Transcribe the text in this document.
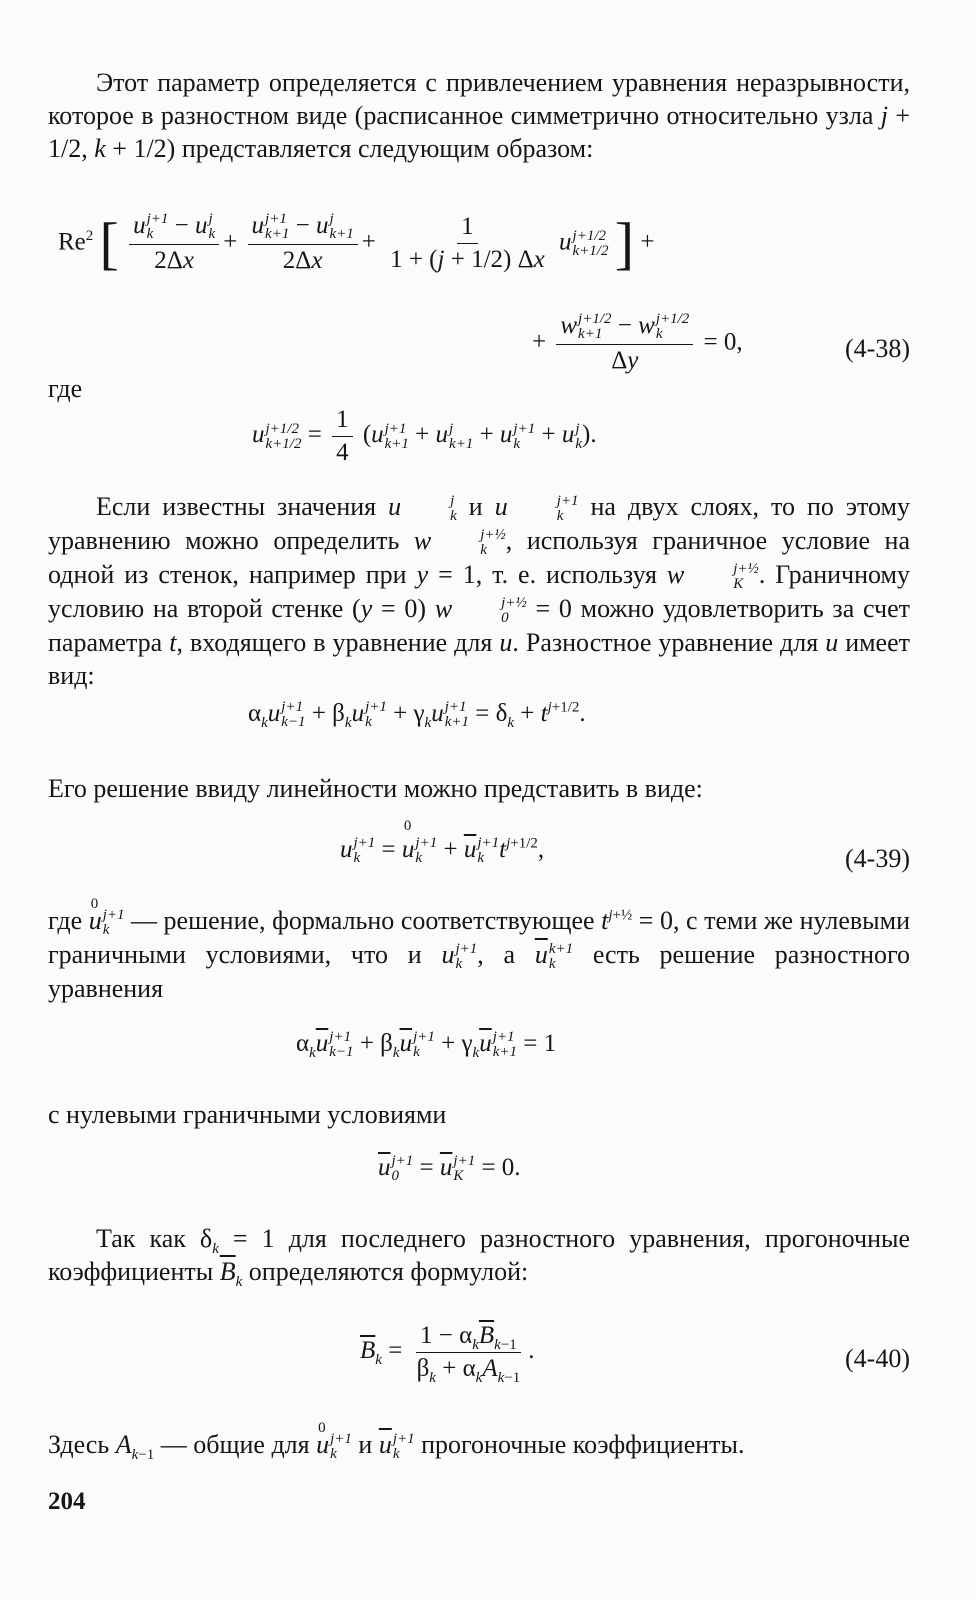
Этот параметр определяется с привлечением уравнения неразрывности, которое в разностном виде (расписанное симметрично относительно узла j + 1/2, k + 1/2) представляется следующим образом:
Re$^2$ [ u j+1
k − u j
k
2Δx + u j+1
k+1 − u j
k+1
$2\Delta x + \frac{1}{1 + (j + 1/2) \Delta x}$ u j+1/2
k+1/2 ] +
+ w j+1/2
k+1 − w j+1/2
k
Δy = 0,	(4-38)
где
u j+1/2
$k+1/2 = \frac{1}{4} (u$ j+1
k+1 + u j
k+1 + u j+1
k + u j
k ).
Если известны значения u	j
k и u	j+1
k на двух слоях, то по этому уравнению можно определить w	j+½
k , используя граничное условие на одной из стенок, например при y = 1, т. е. используя w	j+½
K . Граничному условию на второй стенке (y = 0) w	j+½
0 = 0 можно удовлетворить за счет параметра t, входящего в уравнение для u. Разностное уравнение для u имеет вид:
$\alpha_ku$ j+1
$k-1 + \beta_ku$ j+1
$k + \gamma_ku$ j+1
$k+1 = \delta_k + t^{j+1/2}$.
Его решение ввиду линейности можно представить в виде:
u j+1
k = 0 u j+1
$k + \overline{u}$ j+1
k $t^{j+1/2}$,	(4-39)
где 0 u j+1
k — решение, формально соответствующее $t^{j+\frac{1}{2}} = 0$, с теми же нулевыми граничными условиями, что и u j+1
k , а $\overline{u}$ k+1
k есть решение разностного уравнения
$\alpha_k\overline{u}$ j+1
$k-1 + \beta_k\overline{u}$ j+1
$k + \gamma_k\overline{u}$ j+1
k+1 = 1
с нулевыми граничными условиями
$\overline{u}$ j+1
$0 = \overline{u}$ j+1
K = 0.
Так как $\delta_k = 1$ для последнего разностного уравнения, прогоночные коэффициенты $\overline{B}_k$ определяются формулой:
$\overline{B}_k = \frac{1 - \alpha_k\overline{B}_{k-1}}{\beta_k + \alpha_kA_{k-1}}$ .	(4-40)
Здесь $A_{k-1}$ — общие для 0 u j+1
k и $\overline{u}$ j+1
k прогоночные коэффициенты.
204
